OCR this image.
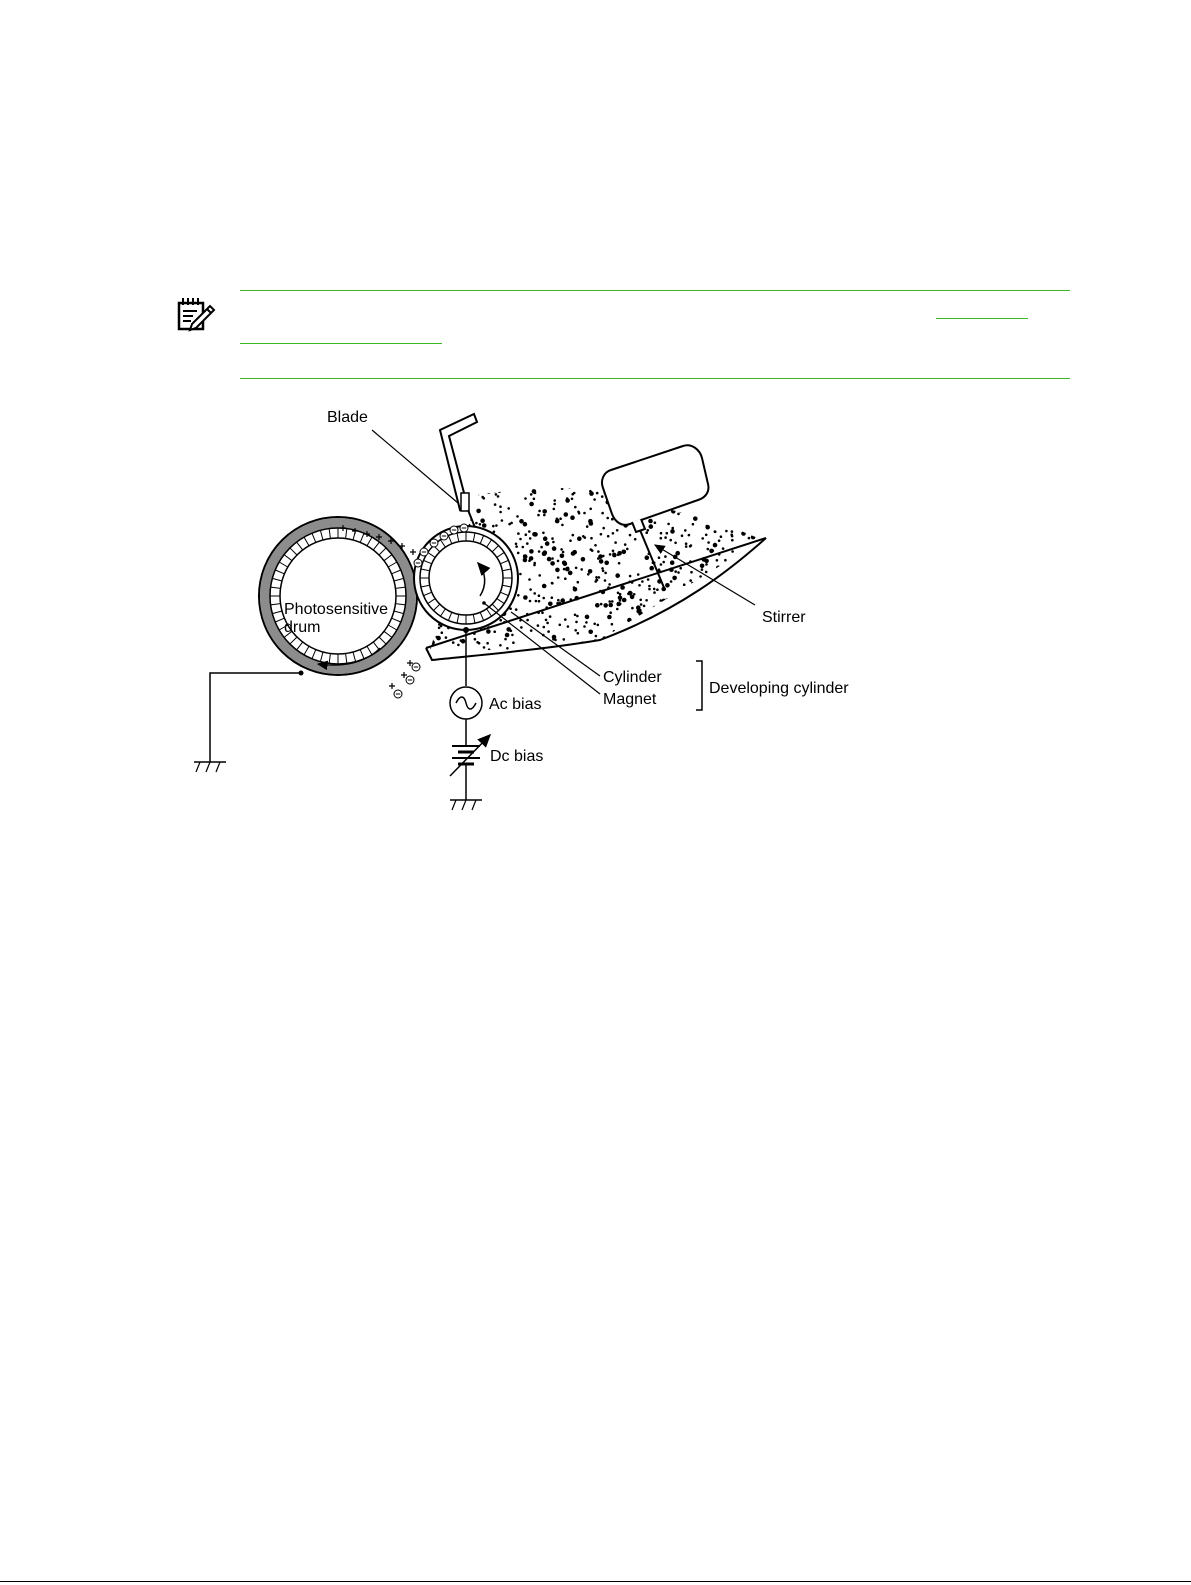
Blade
Stirrer
Photosensitive
drum
Cylinder
Magnet
Developing cylinder
Ac bias
Dc bias
